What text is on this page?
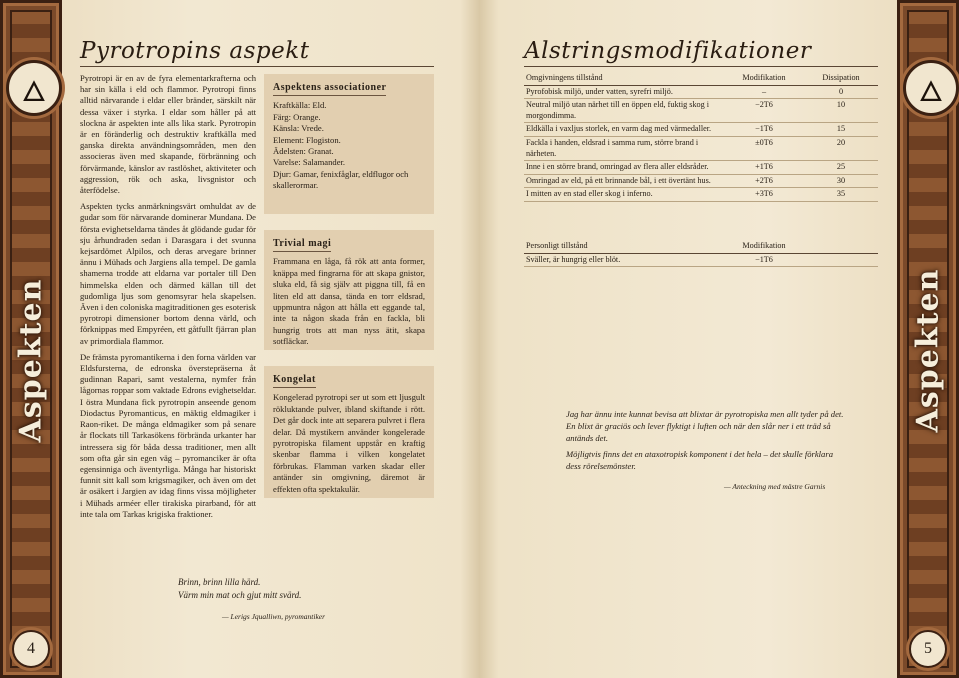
🜂
Aspekten
4
🜂
Aspekten
5
Pyrotropins aspekt

Pyrotropi är en av de fyra elementarkrafterna och har sin källa i eld och flammor. Pyrotropi finns alltid närvarande i eldar eller bränder, särskilt när dessa växer i styrka. I eldar som håller på att slockna är aspekten inte alls lika stark. Pyrotropin är en föränderlig och destruktiv kraftkälla med ganska direkta användningsområden, men den associeras även med skapande, förbränning och förvärmande, känslor av rastlöshet, aktiviteter och aggression, rök och aska, livsgnistor och återfödelse.

Aspekten tycks anmärkningsvärt omhuldat av de gudar som för närvarande dominerar Mundana. De första evighetseldarna tändes åt glödande gudar för sju århundraden sedan i Darasgara i det svunna kejsardömet Alpilos, och deras arvegare brinner ännu i Mühads och Jargiens alla tempel. De gamla shamerna trodde att eldarna var portaler till Den himmelska elden och därmed källan till det gudomliga ljus som genomsyrar hela skapelsen. Även i den coloniska magitraditionen ges esoterisk pyrotropi dimensioner bortom denna värld, och förknippas med Empyréen, ett gåtfullt fjärran plan av primordiala flammor.

De främsta pyromantikerna i den forna världen var Eldsfursterna, de edronska överstepräserna åt gudinnan Rapari, samt vestalerna, nymfer från lågornas roppar som vaktade Edrons evighetseldar. I östra Mundana fick pyrotropin anseende genom Diodactus Pyromanticus, en mäktig eldmagiker i Raon-riket. De många eldmagiker som på senare år flockats till Tarkasökens förbrända urkanter har intressera sig för båda dessa traditioner, men allt som ofta går sin egen väg – pyromanciker är ofta egensinniga och äventyrliga. Många har historiskt funnit sitt kall som krigsmagiker, och även om det är osäkert i Jargien av idag finns vissa möjligheter i Mühads arméer eller tirakiska pirarband, för att inte tala om Tarkas krigiska fraktioner.

Aspektens associationer
Kraftkälla: Eld.
Färg: Orange.
Känsla: Vrede.
Element: Flogiston.
Ädelsten: Granat.
Varelse: Salamander.
Djur: Gamar, fenixfåglar, eldflugor och skallerormar.
Trivial magi

Frammana en låga, få rök att anta former, knäppa med fingrarna för att skapa gnistor, sluka eld, få sig själv att piggna till, få en liten eld att dansa, tända en torr eldsrad, uppmuntra någon att hålla ett eggande tal, inte ta någon skada från en fackla, bli hungrig trots att man nyss ätit, skapa sotfläckar.

Kongelat

Kongelerad pyrotropi ser ut som ett ljusgult rökluktande pulver, ibland skiftande i rött. Det går dock inte att separera pulvret i flera delar. Då mystikern använder kongelerade pyrotropiska filament uppstår en kraftig skenbar flamma i vilken kongelatet förbrukas. Flamman varken skadar eller antänder sin omgivning, däremot är effekten ofta spektakulär.

Brinn, brinn lilla härd.
Värm min mat och gjut mitt svärd.
— Lerigs Jqualliwn, pyromantiker
Alstringsmodifikationer
Omgivningens tillstånd	Modifikation	Dissipation
Pyrofobisk miljö, under vatten, syrefri miljö.	–	0
Neutral miljö utan närhet till en öppen eld, fuktig skog i morgondimma.	−2T6	10
Eldkälla i vaxljus storlek, en varm dag med värmedaller.	−1T6	15
Fackla i handen, eldsrad i samma rum, större brand i närheten.	±0T6	20
Inne i en större brand, omringad av flera aller eldsråder.	+1T6	25
Omringad av eld, på ett brinnande bål, i ett övertänt hus.	+2T6	30
I mitten av en stad eller skog i inferno.	+3T6	35
Personligt tillstånd	Modifikation	
Sväller, är hungrig eller blöt.	−1T6	
Jag har ännu inte kunnat bevisa att blixtar är pyrotropiska men allt tyder på det. En blixt är graciös och lever flyktigt i luften och när den slår ner i ett träd så antänds det.
Möjligtvis finns det en ataxotropisk komponent i det hela – det skulle förklara dess rörelsemönster.
— Anteckning med mästre Garnis
